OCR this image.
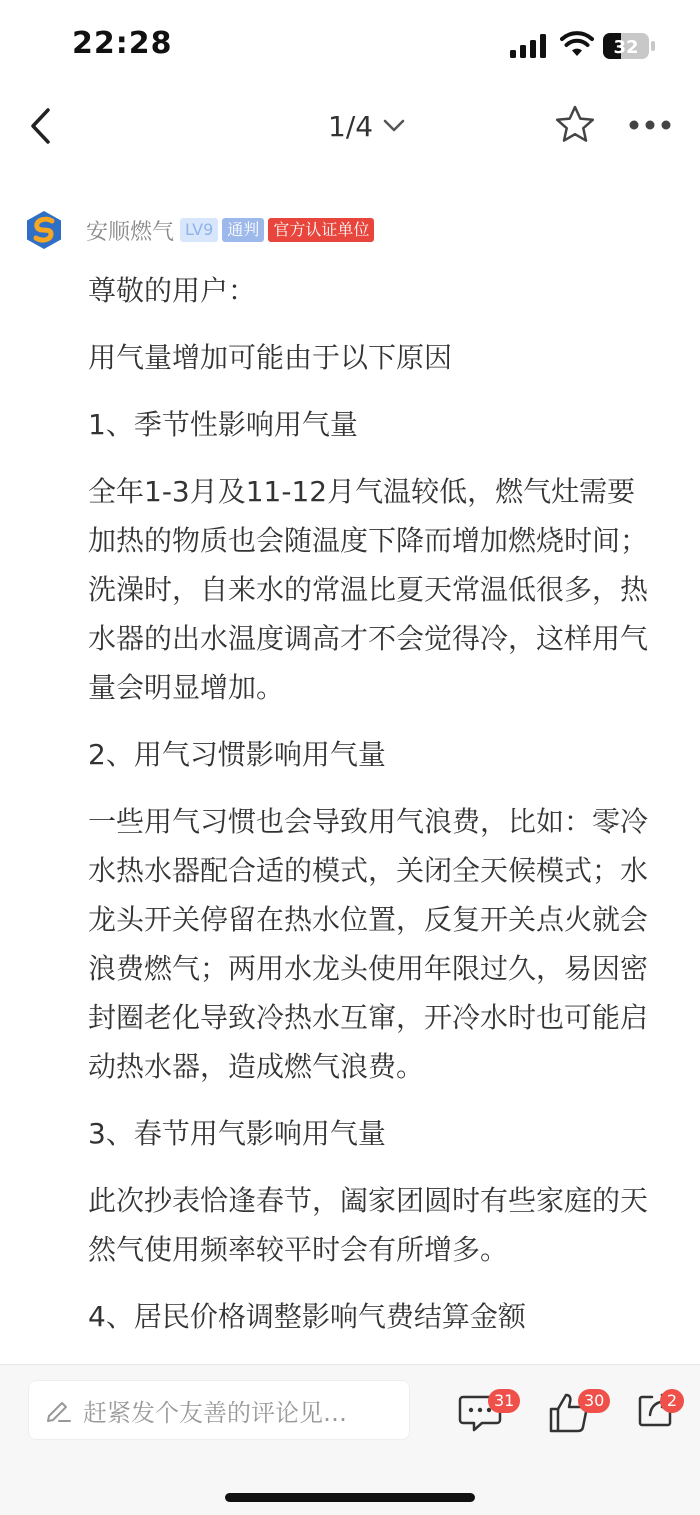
22:28	32
1/4
安顺燃气 LV9 通判 官方认证单位

尊敬的用户：

用气量增加可能由于以下原因

1、季节性影响用气量

全年1-3月及11-12月气温较低，燃气灶需要加热的物质也会随温度下降而增加燃烧时间；洗澡时，自来水的常温比夏天常温低很多，热水器的出水温度调高才不会觉得冷，这样用气量会明显增加。

2、用气习惯影响用气量

一些用气习惯也会导致用气浪费，比如：零冷水热水器配合适的模式，关闭全天候模式；水龙头开关停留在热水位置，反复开关点火就会浪费燃气；两用水龙头使用年限过久，易因密封圈老化导致冷热水互窜，开冷水时也可能启动热水器，造成燃气浪费。

3、春节用气影响用气量

此次抄表恰逢春节，阖家团圆时有些家庭的天然气使用频率较平时会有所增多。

4、居民价格调整影响气费结算金额

赶紧发个友善的评论见…	31	30	2
